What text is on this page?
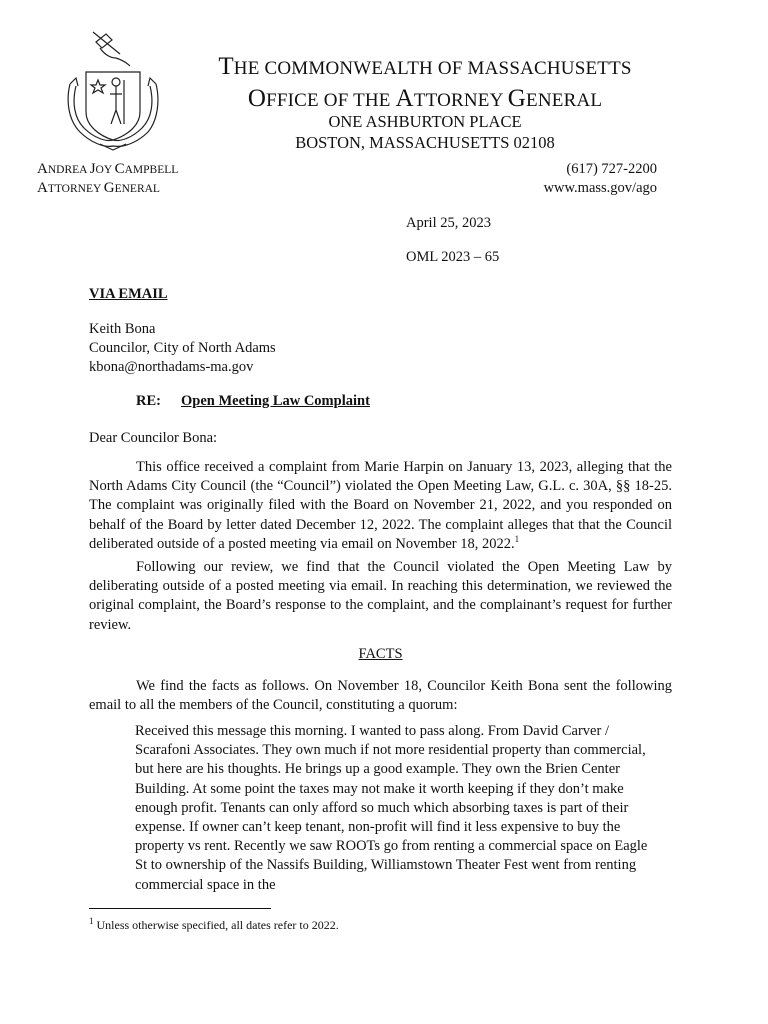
THE COMMONWEALTH OF MASSACHUSETTS
OFFICE OF THE ATTORNEY GENERAL
ONE ASHBURTON PLACE
BOSTON, MASSACHUSETTS 02108
ANDREA JOY CAMPBELL
ATTORNEY GENERAL
(617) 727-2200
www.mass.gov/ago
April 25, 2023
OML 2023 – 65
VIA EMAIL
Keith Bona
Councilor, City of North Adams
kbona@northadams-ma.gov
RE: Open Meeting Law Complaint
Dear Councilor Bona:
This office received a complaint from Marie Harpin on January 13, 2023, alleging that the North Adams City Council (the “Council”) violated the Open Meeting Law, G.L. c. 30A, §§ 18-25. The complaint was originally filed with the Board on November 21, 2022, and you responded on behalf of the Board by letter dated December 12, 2022. The complaint alleges that that the Council deliberated outside of a posted meeting via email on November 18, 2022.$^1$
Following our review, we find that the Council violated the Open Meeting Law by deliberating outside of a posted meeting via email. In reaching this determination, we reviewed the original complaint, the Board’s response to the complaint, and the complainant’s request for further review.
FACTS
We find the facts as follows. On November 18, Councilor Keith Bona sent the following email to all the members of the Council, constituting a quorum:
Received this message this morning. I wanted to pass along. From David Carver / Scarafoni Associates. They own much if not more residential property than commercial, but here are his thoughts. He brings up a good example. They own the Brien Center Building. At some point the taxes may not make it worth keeping if they don’t make enough profit. Tenants can only afford so much which absorbing taxes is part of their expense. If owner can’t keep tenant, non-profit will find it less expensive to buy the property vs rent. Recently we saw ROOTs go from renting a commercial space on Eagle St to ownership of the Nassifs Building, Williamstown Theater Fest went from renting commercial space in the
$^1$ Unless otherwise specified, all dates refer to 2022.
